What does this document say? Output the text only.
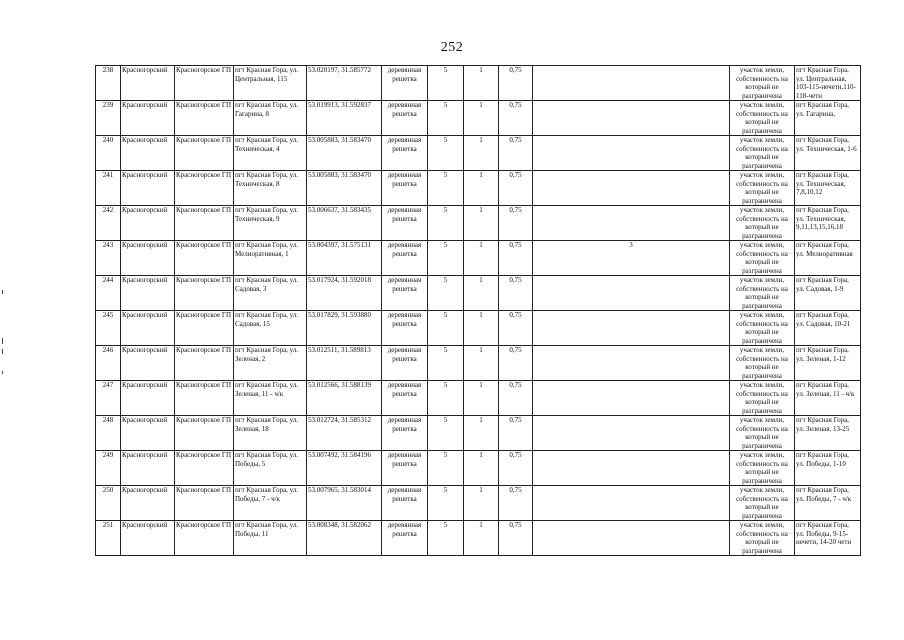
252
238	Красногорский	Красногорское ГП	пгт Красная Гора, ул. Центральная, 115	53.020197, 31.585772	деревянная решетка	5	1	0,75		участок земли, собственность на который не разграничена	пгт Красная Гора, ул. Центральная, 103-115-нечетн,110-118-четн
239	Красногорский	Красногорское ГП	пгт Красная Гора, ул. Гагарина, 8	53.019913, 31.592837	деревянная решетка	5	1	0,75		участок земли, собственность на который не разграничена	пгт Красная Гора, ул. Гагарина,
240	Красногорский	Красногорское ГП	пгт Красная Гора, ул. Техническая, 4	53.005883, 31.583470	деревянная решетка	5	1	0,75		участок земли, собственность на который не разграничена	пгт Красная Гора, ул. Техническая, 1-6
241	Красногорский	Красногорское ГП	пгт Красная Гора, ул. Техническая, 8	53.005883, 31.583470	деревянная решетка	5	1	0,75		участок земли, собственность на который не разграничена	пгт Красная Гора, ул. Техническая, 7,8,10,12
242	Красногорский	Красногорское ГП	пгт Красная Гора, ул. Техническая, 9	53.006637, 31.583435	деревянная решетка	5	1	0,75		участок земли, собственность на который не разграничена	пгт Красная Гора, ул. Техническая, 9,11,13,15,16,18
243	Красногорский	Красногорское ГП	пгт Красная Гора, ул. Мелиоративная, 1	53.004397, 31.575131	деревянная решетка	5	1	0,75	3	участок земли, собственность на который не разграничена	пгт Красная Гора, ул. Мелиоративная
244	Красногорский	Красногорское ГП	пгт Красная Гора, ул. Садовая, 3	53.017924, 31.592018	деревянная решетка	5	1	0,75		участок земли, собственность на который не разграничена	пгт Красная Гора, ул. Садовая, 1-9
245	Красногорский	Красногорское ГП	пгт Красная Гора, ул. Садовая, 15	53.017829, 31.593880	деревянная решетка	5	1	0,75		участок земли, собственность на который не разграничена	пгт Красная Гора, ул. Садовая, 10-21
246	Красногорский	Красногорское ГП	пгт Красная Гора, ул. Зеленая, 2	53.012511, 31.589813	деревянная решетка	5	1	0,75		участок земли, собственность на который не разграничена	пгт Красная Гора, ул. Зеленая, 1-12
247	Красногорский	Красногорское ГП	пгт Красная Гора, ул. Зеленая, 11 - ч/к	53.012566, 31.588139	деревянная решетка	5	1	0,75		участок земли, собственность на который не разграничена	пгт Красная Гора, ул. Зеленая, 11 - ч/к
248	Красногорский	Красногорское ГП	пгт Красная Гора, ул. Зеленая, 18	53.012724, 31.585312	деревянная решетка	5	1	0,75		участок земли, собственность на который не разграничена	пгт Красная Гора, ул. Зеленая, 13-25
249	Красногорский	Красногорское ГП	пгт Красная Гора, ул. Победы, 5	53.007492, 31.584196	деревянная решетка	5	1	0,75		участок земли, собственность на который не разграничена	пгт Красная Гора, ул. Победы, 1-10
250	Красногорский	Красногорское ГП	пгт Красная Гора, ул. Победы, 7 - ч/к	53.007965, 31.583014	деревянная решетка	5	1	0,75		участок земли, собственность на который не разграничена	пгт Красная Гора, ул. Победы, 7 - ч/к
251	Красногорский	Красногорское ГП	пгт Красная Гора, ул. Победы, 11	53.008348, 31.582062	деревянная решетка	5	1	0,75		участок земли, собственность на который не разграничена	пгт Красная Гора, ул. Победы, 9-15-нечетн, 14-20 четн
